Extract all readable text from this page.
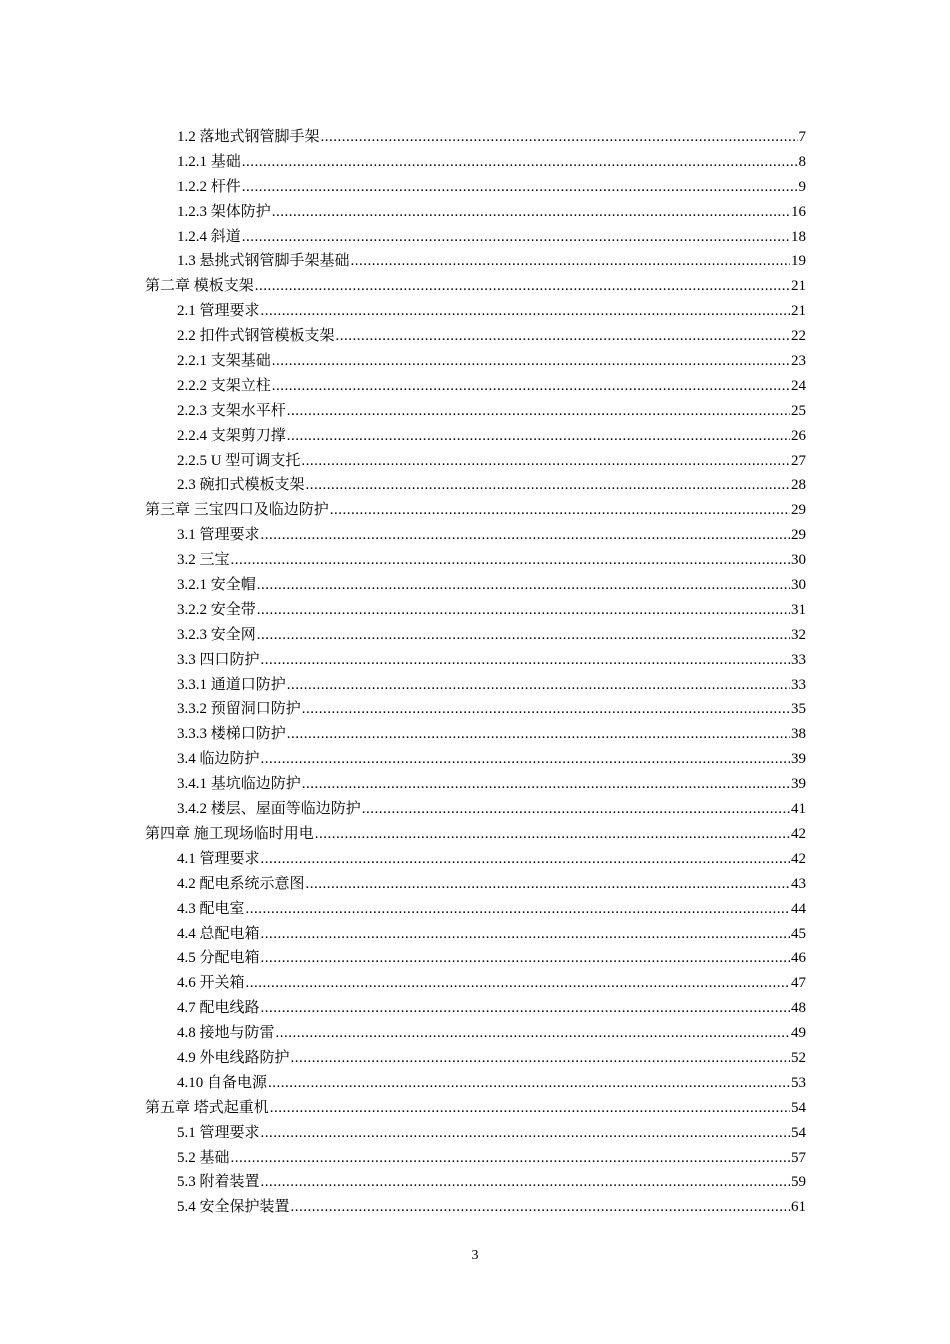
1.2 落地式钢管脚手架 .....	7
1.2.1 基础 .....	8
1.2.2 杆件 .....	9
1.2.3 架体防护 .....	16
1.2.4 斜道 .....	18
1.3 悬挑式钢管脚手架基础 .....	19
第二章 模板支架 .....	21
2.1 管理要求 .....	21
2.2 扣件式钢管模板支架 .....	22
2.2.1 支架基础 .....	23
2.2.2 支架立柱 .....	24
2.2.3 支架水平杆 .....	25
2.2.4 支架剪刀撑 .....	26
2.2.5 U 型可调支托 .....	27
2.3 碗扣式模板支架 .....	28
第三章 三宝四口及临边防护 .....	29
3.1 管理要求 .....	29
3.2 三宝 .....	30
3.2.1 安全帽 .....	30
3.2.2 安全带 .....	31
3.2.3 安全网 .....	32
3.3 四口防护 .....	33
3.3.1 通道口防护 .....	33
3.3.2 预留洞口防护 .....	35
3.3.3 楼梯口防护 .....	38
3.4 临边防护 .....	39
3.4.1 基坑临边防护 .....	39
3.4.2 楼层、屋面等临边防护 .....	41
第四章 施工现场临时用电 .....	42
4.1 管理要求 .....	42
4.2 配电系统示意图 .....	43
4.3 配电室 .....	44
4.4 总配电箱 .....	45
4.5 分配电箱 .....	46
4.6 开关箱 .....	47
4.7 配电线路 .....	48
4.8 接地与防雷 .....	49
4.9 外电线路防护 .....	52
4.10 自备电源 .....	53
第五章 塔式起重机 .....	54
5.1 管理要求 .....	54
5.2 基础 .....	57
5.3 附着装置 .....	59
5.4 安全保护装置 .....	61
3
